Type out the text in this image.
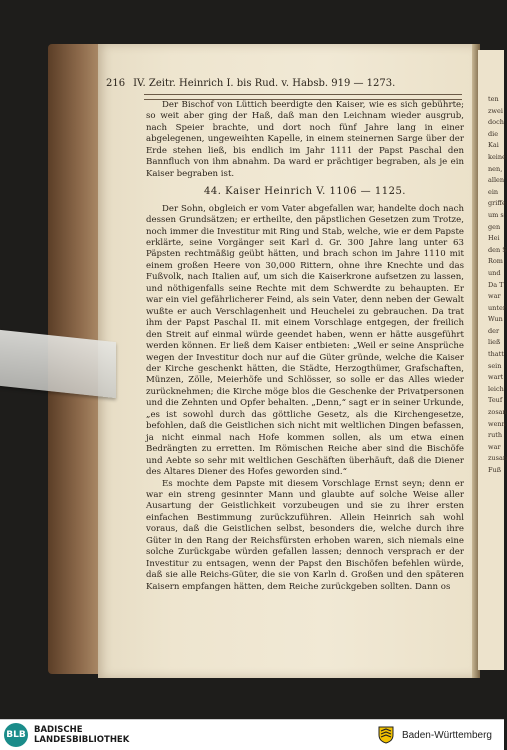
216 IV. Zeitr. Heinrich I. bis Rud. v. Habsb. 919 — 1273.

Der Bischof von Lüttich beerdigte den Kaiser, wie es sich gebührte; so weit aber ging der Haß, daß man den Leichnam wieder ausgrub, nach Speier brachte, und dort noch fünf Jahre lang in einer abgelegenen, ungeweihten Kapelle, in einem steinernen Sarge über der Erde stehen ließ, bis endlich im Jahr 1111 der Papst Paschal den Bannfluch von ihm abnahm. Da ward er prächtiger begraben, als je ein Kaiser begraben ist.

44. Kaiser Heinrich V. 1106 — 1125.

Der Sohn, obgleich er vom Vater abgefallen war, handelte doch nach dessen Grundsätzen; er ertheilte, den päpstlichen Gesetzen zum Trotze, noch immer die Investitur mit Ring und Stab, welche, wie er dem Papste erklärte, seine Vorgänger seit Karl d. Gr. 300 Jahre lang unter 63 Päpsten rechtmäßig geübt hätten, und brach schon im Jahre 1110 mit einem großen Heere von 30,000 Rittern, ohne ihre Knechte und das Fußvolk, nach Italien auf, um sich die Kaiserkrone aufsetzen zu lassen, und nöthigenfalls seine Rechte mit dem Schwerdte zu behaupten. Er war ein viel gefährlicherer Feind, als sein Vater, denn neben der Gewalt wußte er auch Verschlagenheit und Heuchelei zu gebrauchen. Da trat ihm der Papst Paschal II. mit einem Vorschlage entgegen, der freilich den Streit auf einmal würde geendet haben, wenn er hätte ausgeführt werden können. Er ließ dem Kaiser entbieten: „Weil er seine Ansprüche wegen der Investitur doch nur auf die Güter gründe, welche die Kaiser der Kirche geschenkt hätten, die Städte, Herzogthümer, Grafschaften, Münzen, Zölle, Meierhöfe und Schlösser, so solle er das Alles wieder zurücknehmen; die Kirche möge blos die Geschenke der Privatpersonen und die Zehnten und Opfer behalten. „Denn,“ sagt er in seiner Urkunde, „es ist sowohl durch das göttliche Gesetz, als die Kirchengesetze, befohlen, daß die Geistlichen sich nicht mit weltlichen Dingen befassen, ja nicht einmal nach Hofe kommen sollen, als um etwa einen Bedrängten zu erretten. Im Römischen Reiche aber sind die Bischöfe und Aebte so sehr mit weltlichen Geschäften überhäuft, daß die Diener des Altares Diener des Hofes geworden sind.“

Es mochte dem Papste mit diesem Vorschlage Ernst seyn; denn er war ein streng gesinnter Mann und glaubte auf solche Weise aller Ausartung der Geistlichkeit vorzubeugen und sie zu ihrer ersten einfachen Bestimmung zurückzuführen. Allein Heinrich sah wohl voraus, daß die Geistlichen selbst, besonders die, welche durch ihre Güter in den Rang der Reichsfürsten erhoben waren, sich niemals eine solche Zurückgabe würden gefallen lassen; dennoch versprach er der Investitur zu entsagen, wenn der Papst den Bischöfen befehlen würde, daß sie alle Reichs-Güter, die sie von Karln d. Großen und den späteren Kaisern empfangen hätten, dem Reiche zurückgeben sollten. Dann os

ten
zwei
doch
die
Kai
keine
nen,
allen
ein
griffe
um s
gen
Hei
den S
Rom
und
Da T
war
unter
Wun
der
ließ
thatt
sein
wart
leich
Teuf
zosan
wenn
ruth
war
zusan
Fuß
BLB BADISCHE
LANDESBIBLIOTHEK	Baden-Württemberg
